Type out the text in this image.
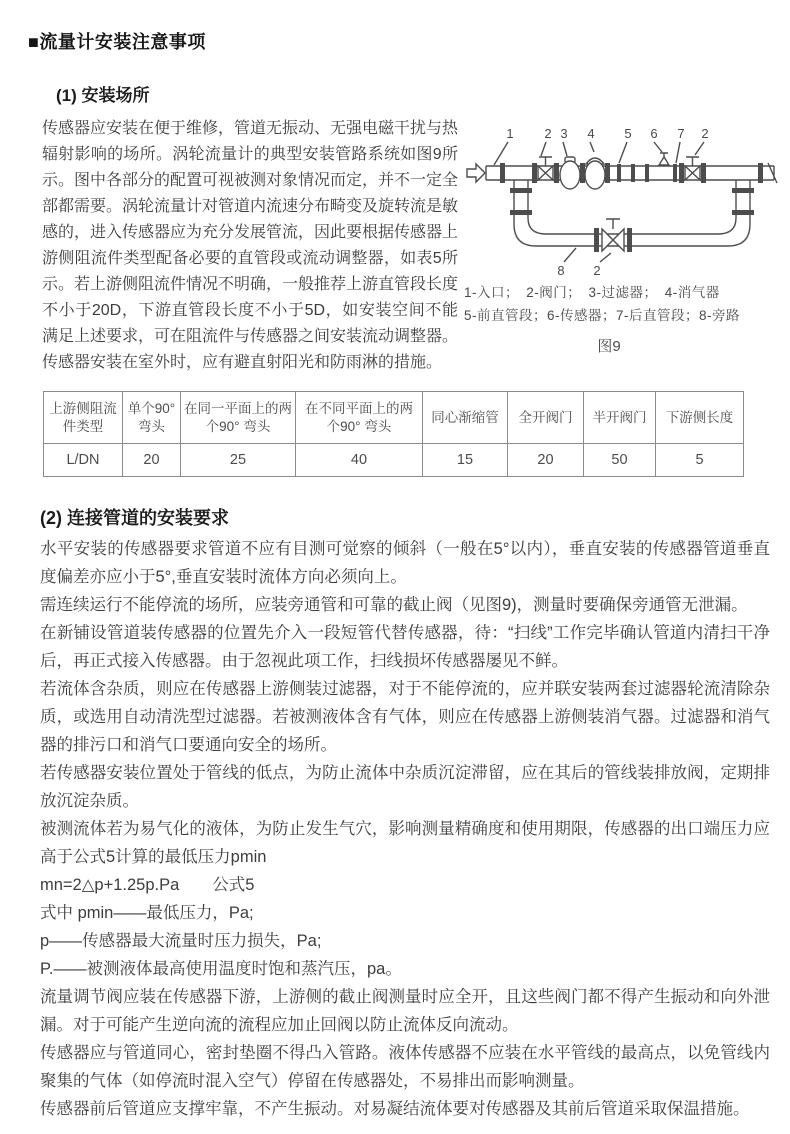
■流量计安装注意事项
(1) 安装场所
传感器应安装在便于维修，管道无振动、无强电磁干扰与热辐射影响的场所。涡轮流量计的典型安装管路系统如图9所示。图中各部分的配置可视被测对象情况而定，并不一定全部都需要。涡轮流量计对管道内流速分布畸变及旋转流是敏感的，进入传感器应为充分发展管流，因此要根据传感器上游侧阻流件类型配备必要的直管段或流动调整器，如表5所示。若上游侧阻流件情况不明确，一般推荐上游直管段长度不小于20D，下游直管段长度不小于5D，如安装空间不能满足上述要求，可在阻流件与传感器之间安装流动调整器。传感器安装在室外时，应有避直射阳光和防雨淋的措施。
1 2 3 4 5 6 7 2
8 2
1-入口；　2-阀门；　3-过滤器；　4-消气器
5-前直管段；6-传感器；7-后直管段；8-旁路
图9
上游侧阻流件类型	单个90°弯头	在同一平面上的两个90° 弯头	在不同平面上的两个90° 弯头	同心渐缩管	全开阀门	半开阀门	下游侧长度
L/DN	20	25	40	15	20	50	5
(2) 连接管道的安装要求

水平安装的传感器要求管道不应有目测可觉察的倾斜（一般在5°以内），垂直安装的传感器管道垂直度偏差亦应小于5°,垂直安装时流体方向必须向上。

需连续运行不能停流的场所，应装旁通管和可靠的截止阀（见图9)，测量时要确保旁通管无泄漏。

在新铺设管道装传感器的位置先介入一段短管代替传感器，待：“扫线”工作完毕确认管道内清扫干净后，再正式接入传感器。由于忽视此项工作，扫线损坏传感器屡见不鲜。

若流体含杂质，则应在传感器上游侧装过滤器，对于不能停流的，应并联安装两套过滤器轮流清除杂质，或选用自动清洗型过滤器。若被测液体含有气体，则应在传感器上游侧装消气器。过滤器和消气器的排污口和消气口要通向安全的场所。

若传感器安装位置处于管线的低点，为防止流体中杂质沉淀滞留，应在其后的管线装排放阀，定期排放沉淀杂质。

被测流体若为易气化的液体，为防止发生气穴，影响测量精确度和使用期限，传感器的出口端压力应高于公式5计算的最低压力pmin

mn=2△p+1.25p.Pa　　公式5

式中 pmin——最低压力，Pa;

p——传感器最大流量时压力损失，Pa;

P.——被测液体最高使用温度时饱和蒸汽压，pa。

流量调节阀应装在传感器下游，上游侧的截止阀测量时应全开，且这些阀门都不得产生振动和向外泄漏。对于可能产生逆向流的流程应加止回阀以防止流体反向流动。

传感器应与管道同心，密封垫圈不得凸入管路。液体传感器不应装在水平管线的最高点，以免管线内聚集的气体（如停流时混入空气）停留在传感器处，不易排出而影响测量。

传感器前后管道应支撑牢靠，不产生振动。对易凝结流体要对传感器及其前后管道采取保温措施。
